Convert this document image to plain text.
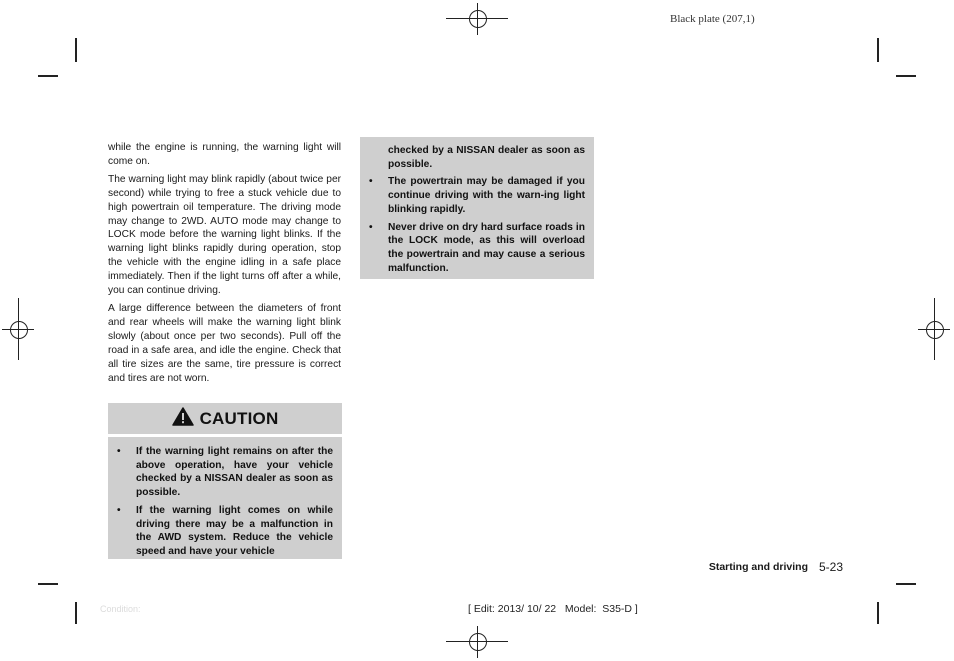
Black plate (207,1)

while the engine is running, the warning light will come on.

The warning light may blink rapidly (about twice per second) while trying to free a stuck vehicle due to high powertrain oil temperature. The driving mode may change to 2WD. AUTO mode may change to LOCK mode before the warning light blinks. If the warning light blinks rapidly during operation, stop the vehicle with the engine idling in a safe place immediately. Then if the light turns off after a while, you can continue driving.

A large difference between the diameters of front and rear wheels will make the warning light blink slowly (about once per two seconds). Pull off the road in a safe area, and idle the engine. Check that all tire sizes are the same, tire pressure is correct and tires are not worn.

CAUTION
• If the warning light remains on after the above operation, have your vehicle checked by a NISSAN dealer as soon as possible.
• If the warning light comes on while driving there may be a malfunction in the AWD system. Reduce the vehicle speed and have your vehicle
checked by a NISSAN dealer as soon as possible.
• The powertrain may be damaged if you continue driving with the warn-ing light blinking rapidly.
• Never drive on dry hard surface roads in the LOCK mode, as this will overload the powertrain and may cause a serious malfunction.
Starting and driving 5-23
Condition:	[ Edit: 2013/ 10/ 22   Model:  S35-D ]
